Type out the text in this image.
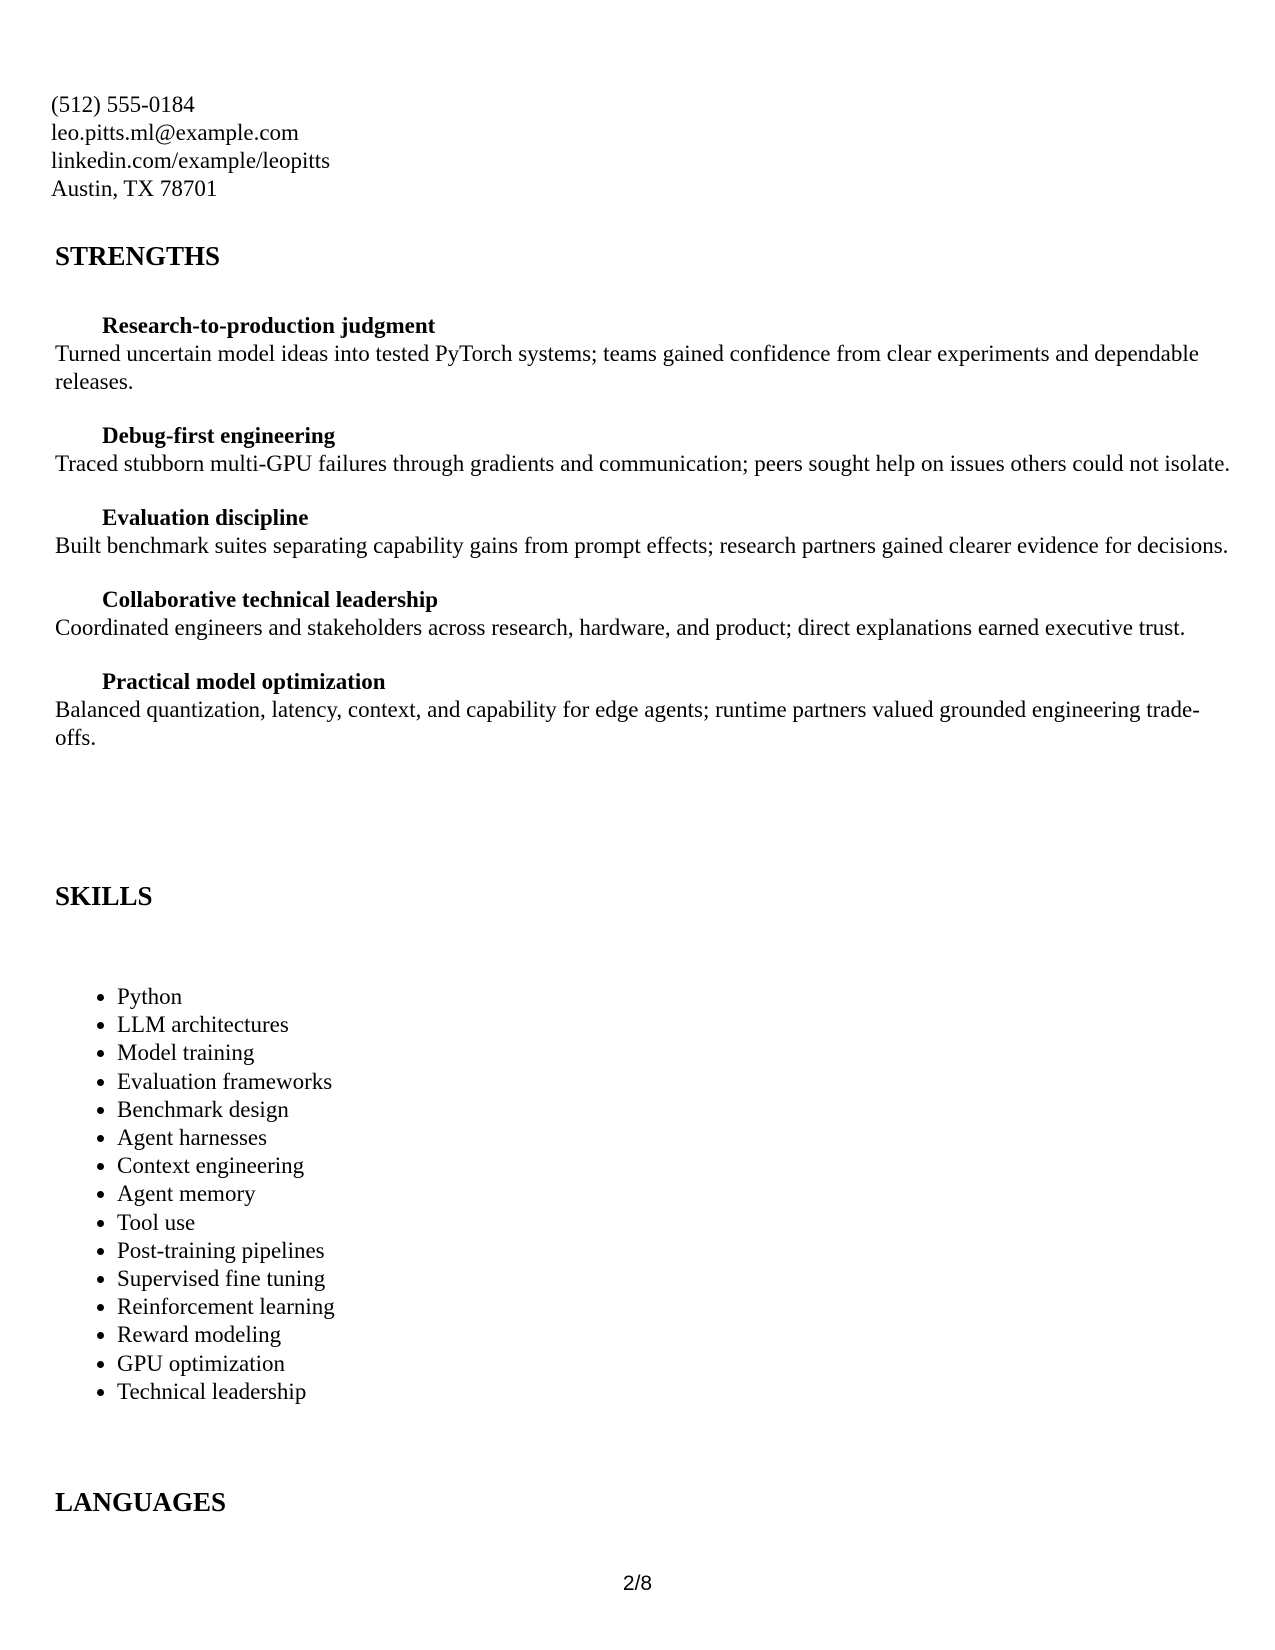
(512) 555-0184
leo.pitts.ml@example.com
linkedin.com/example/leopitts
Austin, TX 78701
STRENGTHS
Research-to-production judgment
Turned uncertain model ideas into tested PyTorch systems; teams gained confidence from clear experiments and dependable releases.
Debug-first engineering
Traced stubborn multi-GPU failures through gradients and communication; peers sought help on issues others could not isolate.
Evaluation discipline
Built benchmark suites separating capability gains from prompt effects; research partners gained clearer evidence for decisions.
Collaborative technical leadership
Coordinated engineers and stakeholders across research, hardware, and product; direct explanations earned executive trust.
Practical model optimization
Balanced quantization, latency, context, and capability for edge agents; runtime partners valued grounded engineering trade-offs.
SKILLS
• Python
• LLM architectures
• Model training
• Evaluation frameworks
• Benchmark design
• Agent harnesses
• Context engineering
• Agent memory
• Tool use
• Post-training pipelines
• Supervised fine tuning
• Reinforcement learning
• Reward modeling
• GPU optimization
• Technical leadership
LANGUAGES
2/8
